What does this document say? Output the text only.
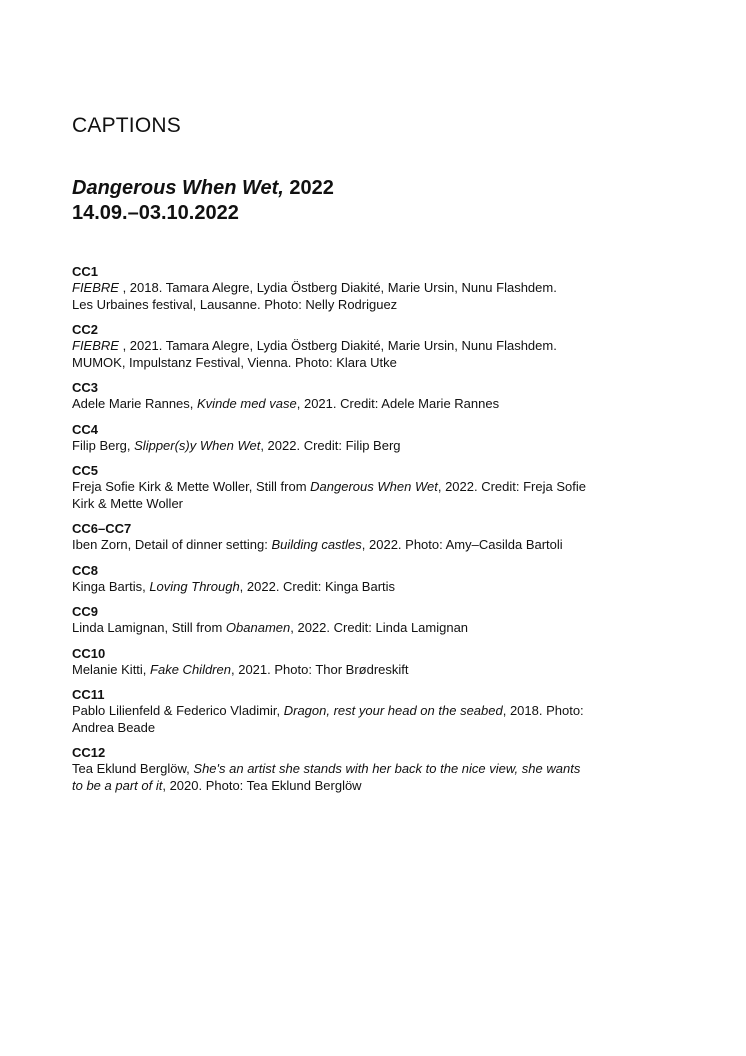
CAPTIONS
Dangerous When Wet, 2022
14.09.–03.10.2022
CC1
FIEBRE , 2018. Tamara Alegre, Lydia Östberg Diakité, Marie Ursin, Nunu Flashdem.
Les Urbaines festival, Lausanne. Photo: Nelly Rodriguez
CC2
FIEBRE , 2021. Tamara Alegre, Lydia Östberg Diakité, Marie Ursin, Nunu Flashdem.
MUMOK, Impulstanz Festival, Vienna. Photo: Klara Utke
CC3
Adele Marie Rannes, Kvinde med vase, 2021. Credit: Adele Marie Rannes
CC4
Filip Berg, Slipper(s)y When Wet, 2022. Credit: Filip Berg
CC5
Freja Sofie Kirk & Mette Woller, Still from Dangerous When Wet, 2022. Credit: Freja Sofie
Kirk & Mette Woller
CC6–CC7
Iben Zorn, Detail of dinner setting: Building castles, 2022. Photo: Amy–Casilda Bartoli
CC8
Kinga Bartis, Loving Through, 2022. Credit: Kinga Bartis
CC9
Linda Lamignan, Still from Obanamen, 2022. Credit: Linda Lamignan
CC10
Melanie Kitti, Fake Children, 2021. Photo: Thor Brødreskift
CC11
Pablo Lilienfeld & Federico Vladimir, Dragon, rest your head on the seabed, 2018. Photo:
Andrea Beade
CC12
Tea Eklund Berglöw, She's an artist she stands with her back to the nice view, she wants
to be a part of it, 2020. Photo: Tea Eklund Berglöw
